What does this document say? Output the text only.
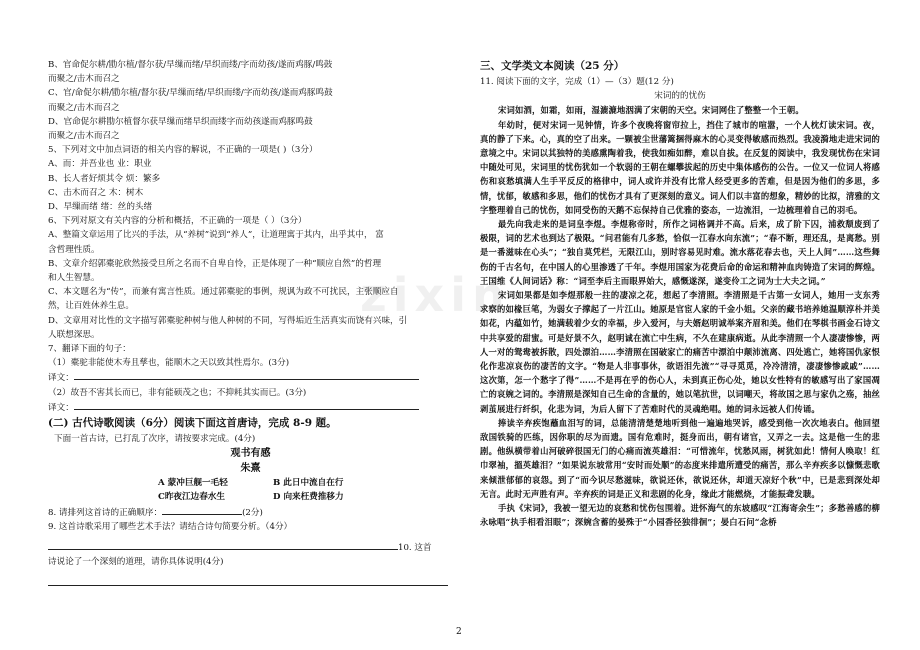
zixin
B、官命促尔耕/勖尔植/督尔获/早缫而绪/早织而缕/字而幼孩/遂而鸡豚/鸣鼓
而聚之/击木而召之
C、官/命促尔耕/勖尔植/督尔获/早缫而绪/早织而缕/字而幼孩/遂而鸡豚鸣鼓
而聚之/击木而召之
D、官命促尔耕勖尔植督尔获早缫而绪早织而缕字而幼孩遂而鸡豚鸣鼓
而聚之/击木而召之
5、下列对文中加点词语的相关内容的解说，不正确的一项是( )（3分）
A、而：并吾业也 业：职业
B、长人者好烦其令 烦：繁多
C、击木而召之 木：树木
D、早缫而绪 绪：丝的头绪
6、下列对原文有关内容的分析和概括，不正确的一项是（ ）（3分）
A、整篇文章运用了比兴的手法，从“养树”说到“养人”，让道理寓于其内，出乎其中， 富
含哲理性质。
B、文章介绍郭橐驼欣然接受旦所之名而不自卑自怜，正是体现了一种“顺应自然”的哲理
和人生智慧。
C、本文题名为“传”，而兼有寓言性质。通过郭橐驼的事例，规讽为政不可扰民，主张顺应自
然，让百姓休养生息。
D、文章用对比性的文字描写郭橐驼种树与他人种树的不同，写得垢近生活真实而饶有兴味，引
人联想深思。
7、翻译下面的句子：
（1）橐驼非能使木寿且孳也，能顺木之天以致其性焉尔。(3分)
译文：
（2）故吾不害其长而已，非有能硕茂之也；不抑耗其实而已。(3分)
译文：
(二) 古代诗歌阅读（6分）阅读下面这首唐诗，完成 8-9 题。
下面一首古诗，已打乱了次序，请按要求完成。(4分)
观书有感
朱熹
A 蒙冲巨舰一毛轻	B 此日中流自在行
C昨夜江边春水生	D 向来枉费推移力
8. 请排列这首诗的正确顺序：	(2分)
9. 这首诗歌采用了哪些艺术手法？请结合诗句简要分析。（4分）
10. 这首
诗说论了一个深刻的道理，请你具体说明(4分)
三、文学类文本阅读（25 分）
11. 阅读下面的文字，完成（1）—（3）题(12 分)
宋词的的忧伤
宋词如酒，如霜，如雨，湿漉漉地洇满了宋朝的天空。宋词网住了整整一个王朝。
年幼时，便对宋词一见钟情，许多个夜晚将窗帘拉上，挡住了城市的喧嚣，一个人枕灯读宋词。夜，真的静了下来。心，真的空了出来。一颗被尘世藩篱捆得麻木的心灵变得敏感而热烈。我凌漪地走进宋词的意境之中。宋词以其独特的美感熏陶着我，使我如痴如醉，难以自拔。在反复的阅读中，我发现忧伤在宋词中随处可见，宋词里的忧伤犹如一个软弱的王朝在螺攀拔起的历史中集体感伤的公告。一位又一位词人将感伤和哀愁填满人生手平反反的格律中，词人或许并没有比常人经受更多的苦难，但是因为他们的多思，多情，忧郁，敏感和多思，他们的忧伤才具有了更深刻的意义。词人们以丰富的想象，精妙的比拟，清雅的文字整理着自己的忧伤，如同受伤的天鹅不忘保持自己优雅的姿态，一边流泪，一边梳理着自己的羽毛。
最先向我走来的是词皇李煜。李煜称帝时，所作之词格调并不高。后来，成了阶下囚，浦救颓废到了极限，词的艺术也到达了极限。“问君能有几多愁，恰似一江春水向东流”；“春不断，理还乱，是离愁。别是一番滋味在心头”；“独自莫凭栏，无限江山，别时容易见时难。流水落花春去也，天上人间”……这些舞伤的千古名句，在中国人的心里渗透了千年。李煜用国家为花费后命的命运和精神血肉铸造了宋词的辉煌。王国维《人间词话》称：“词至李后主而眼界始大，感慨遂深，遂变伶工之词为士大夫之词。”
宋词如果都是如李煜那般一拄的凄凉之花，想起了李清照。李清照是千古第一女词人，她用一支东秀求察的如椽巨笔，为弱女子撑起了一片江山。她原是官宦人家的千金小姐。父亲的藏书培养她温顺淳朴并美如花，内蕴如竹，她满载着少女的幸福，步入爱河，与夫婿赵明诚举案齐眉和美。他们在琴棋书画金石诗文中共享爱的甜蜜。可是好景不久，赵明诚在流亡中生病，不久在建康病逝。从此李清照一个人凄凄惨惨，两人一对的鸳鸯被拆散，四处漂泊……李清照在国破家亡的痛苦中漂泊中颠沛流离、四处逃亡，她将国仇家恨化作悲凉哀伤的凄苦的文字。“物是人非事事休，欲语泪先流”“寻寻觅觅，冷冷清清，凄凄惨惨戚戚”……这次第，怎一个愁字了得”……不是再在乎的伤心人，未到真正伤心处，她以女性特有的敏感写出了家国凋亡的哀婉之词的。李清照是深知自己生命的含量的，她以笔抗世，以词嘲天，将故国之思与家仇之殇，抽丝剥茧展进行纤织，化悲为词，为后人留下了苦难时代的灵魂绝唱。她的词永远被人们传诵。
捧读辛弃疾饱蘸血泪写的词，总能清清楚楚地听到他一遍遍地哭诉，感受到他一次次地表白。他回望敌国铁骑的匹练，因你职的尽为而遗。国有危难时，挺身而出，朝有诸官，又弄之一去。这是他一生的悲剧。他纵横带着山河破碎很国无门的心痛而流英雄泪：“可惜流年，忧愁风雨，树犹如此！情何人唤取！红巾翠袖，搵英雄泪？”如果说东坡常用“安时而处顺”的态度来排遣所遭受的痛苦，那么辛弃疾多以慷慨悲歌来倾泄郁郁的哀怨。到了“而今识尽愁滋味，欲说还休，欲说还休，却道天凉好个秋”中，已是悲到深处却无言。此时无声胜有声。辛弃疾的词是正义和悲剧的化身，缘此才能燃烧，才能振聋发聩。
手执《宋词》，我被一望无边的哀愁和忧伤包围着。进怀海气的东坡感叹“江海寄余生”；多愁善感的柳永咏唱“执手相看泪眼”；深婉含蓄的晏殊于“小园香径独徘徊”；晏白石问“念桥
2
